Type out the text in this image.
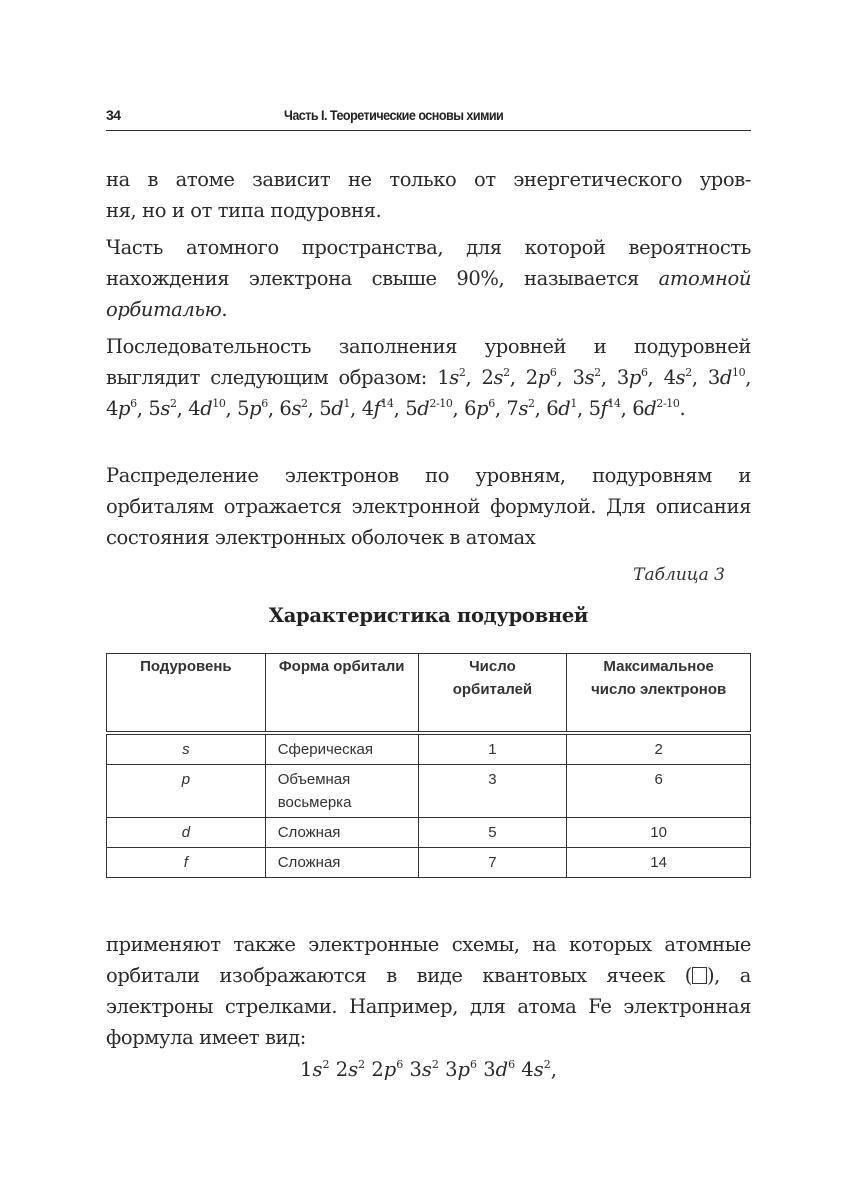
34	Часть I. Теоретические основы химии
на в атоме зависит не только от энергетического уров-
ня, но и от типа подуровня.
Часть атомного пространства, для которой вероятность нахождения электрона свыше 90%, называется атомной орбиталью.
Последовательность заполнения уровней и подуровней выглядит следующим образом: $1s^2$, $2s^2$, $2p^6$, $3s^2$, $3p^6$, $4s^2$, $3d^{10}$, $4p^6$, $5s^2$, $4d^{10}$, $5p^6$, $6s^2$, $5d^1$, $4f^{14}$, $5d^{2-10}$, $6p^6$, $7s^2$, $6d^1$, $5f^{14}$, $6d^{2-10}$.
Распределение электронов по уровням, подуровням и орбиталям отражается электронной формулой. Для описания состояния электронных оболочек в атомах
Таблица 3
Характеристика подуровней
Подуровень	Форма орбитали	Число орбиталей	Максимальное число электронов
s	Сферическая	1	2
p	Объемная восьмерка	3	6
d	Сложная	5	10
f	Сложная	7	14
применяют также электронные схемы, на которых атомные орбитали изображаются в виде квантовых ячеек ( ), а электроны стрелками. Например, для атома Fe электронная формула имеет вид:
$1s^2$ $2s^2$ $2p^6$ $3s^2$ $3p^6$ $3d^6$ $4s^2$,
